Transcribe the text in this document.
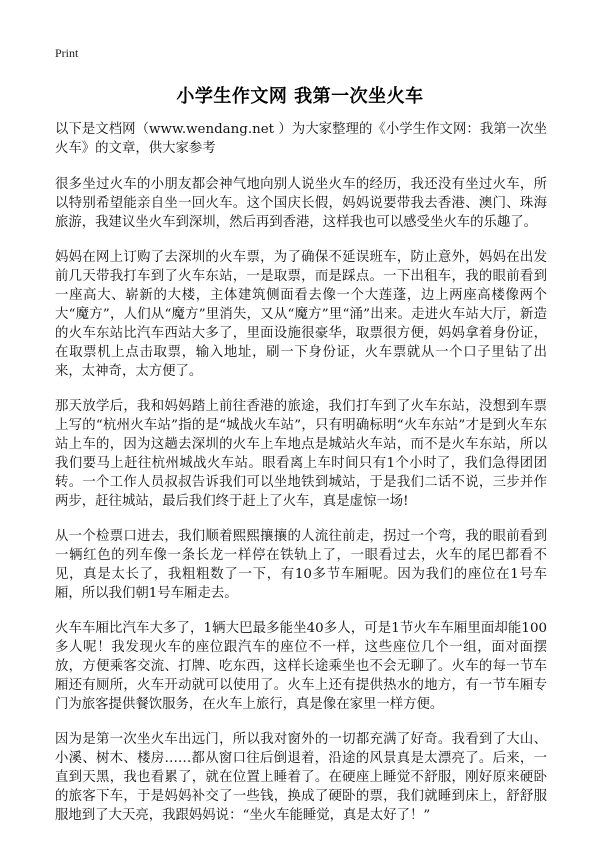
Print
小学生作文网 我第一次坐火车

以下是文档网（www.wendang.net ）为大家整理的《小学生作文网：我第一次坐火车》的文章，供大家参考

很多坐过火车的小朋友都会神气地向别人说坐火车的经历，我还没有坐过火车，所以特别希望能亲自坐一回火车。这个国庆长假，妈妈说要带我去香港、澳门、珠海旅游，我建议坐火车到深圳，然后再到香港，这样我也可以感受坐火车的乐趣了。

妈妈在网上订购了去深圳的火车票，为了确保不延误班车，防止意外，妈妈在出发前几天带我打车到了火车东站，一是取票，而是踩点。一下出租车，我的眼前看到一座高大、崭新的大楼，主体建筑侧面看去像一个大莲蓬，边上两座高楼像两个大“魔方”，人们从“魔方”里消失，又从“魔方”里“涌”出来。走进火车站大厅，新造的火车东站比汽车西站大多了，里面设施很豪华，取票很方便，妈妈拿着身份证，在取票机上点击取票，输入地址，刷一下身份证，火车票就从一个口子里钻了出来，太神奇，太方便了。

那天放学后，我和妈妈踏上前往香港的旅途，我们打车到了火车东站，没想到车票上写的“杭州火车站”指的是“城战火车站”，只有明确标明“火车东站”才是到火车东站上车的，因为这趟去深圳的火车上车地点是城站火车站，而不是火车东站，所以我们要马上赶往杭州城战火车站。眼看离上车时间只有1个小时了，我们急得团团转。一个工作人员叔叔告诉我们可以坐地铁到城站，于是我们二话不说，三步并作两步，赶往城站，最后我们终于赶上了火车，真是虚惊一场!

从一个检票口进去，我们顺着熙熙攘攘的人流往前走，拐过一个弯，我的眼前看到一辆红色的列车像一条长龙一样停在铁轨上了，一眼看过去，火车的尾巴都看不见，真是太长了，我粗粗数了一下，有10多节车厢呢。因为我们的座位在1号车厢，所以我们朝1号车厢走去。

火车车厢比汽车大多了，1辆大巴最多能坐40多人，可是1节火车车厢里面却能100多人呢！我发现火车的座位跟汽车的座位不一样，这些座位几个一组，面对面摆放，方便乘客交流、打牌、吃东西，这样长途乘坐也不会无聊了。火车的每一节车厢还有厕所，火车开动就可以使用了。火车上还有提供热水的地方，有一节车厢专门为旅客提供餐饮服务，在火车上旅行，真是像在家里一样方便。

因为是第一次坐火车出远门，所以我对窗外的一切都充满了好奇。我看到了大山、小溪、树木、楼房……都从窗口往后倒退着，沿途的风景真是太漂亮了。后来，一直到天黑，我也看累了，就在位置上睡着了。在硬座上睡觉不舒服，刚好原来硬卧的旅客下车，于是妈妈补交了一些钱，换成了硬卧的票，我们就睡到床上，舒舒服服地到了大天亮，我跟妈妈说：“坐火车能睡觉，真是太好了！”
